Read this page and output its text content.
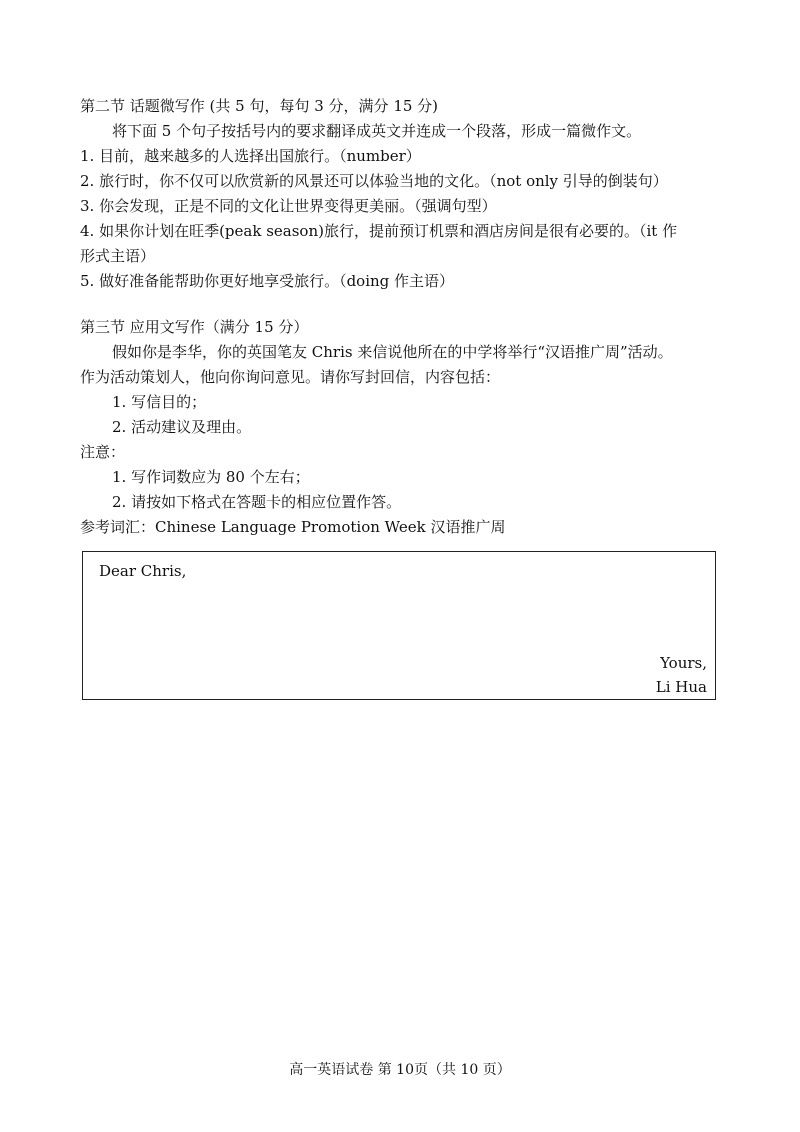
第二节 话题微写作 (共 5 句，每句 3 分，满分 15 分)
将下面 5 个句子按括号内的要求翻译成英文并连成一个段落，形成一篇微作文。
1. 目前，越来越多的人选择出国旅行。（number）
2. 旅行时，你不仅可以欣赏新的风景还可以体验当地的文化。（not only 引导的倒装句）
3. 你会发现，正是不同的文化让世界变得更美丽。（强调句型）
4. 如果你计划在旺季(peak season)旅行，提前预订机票和酒店房间是很有必要的。（it 作
形式主语）
5. 做好准备能帮助你更好地享受旅行。（doing 作主语）
第三节 应用文写作（满分 15 分）
假如你是李华，你的英国笔友 Chris 来信说他所在的中学将举行“汉语推广周”活动。
作为活动策划人，他向你询问意见。请你写封回信，内容包括：
1. 写信目的；
2. 活动建议及理由。
注意：
1. 写作词数应为 80 个左右；
2. 请按如下格式在答题卡的相应位置作答。
参考词汇：Chinese Language Promotion Week 汉语推广周
Dear Chris,
Yours,
Li Hua
高一英语试卷 第 10页（共 10 页）
